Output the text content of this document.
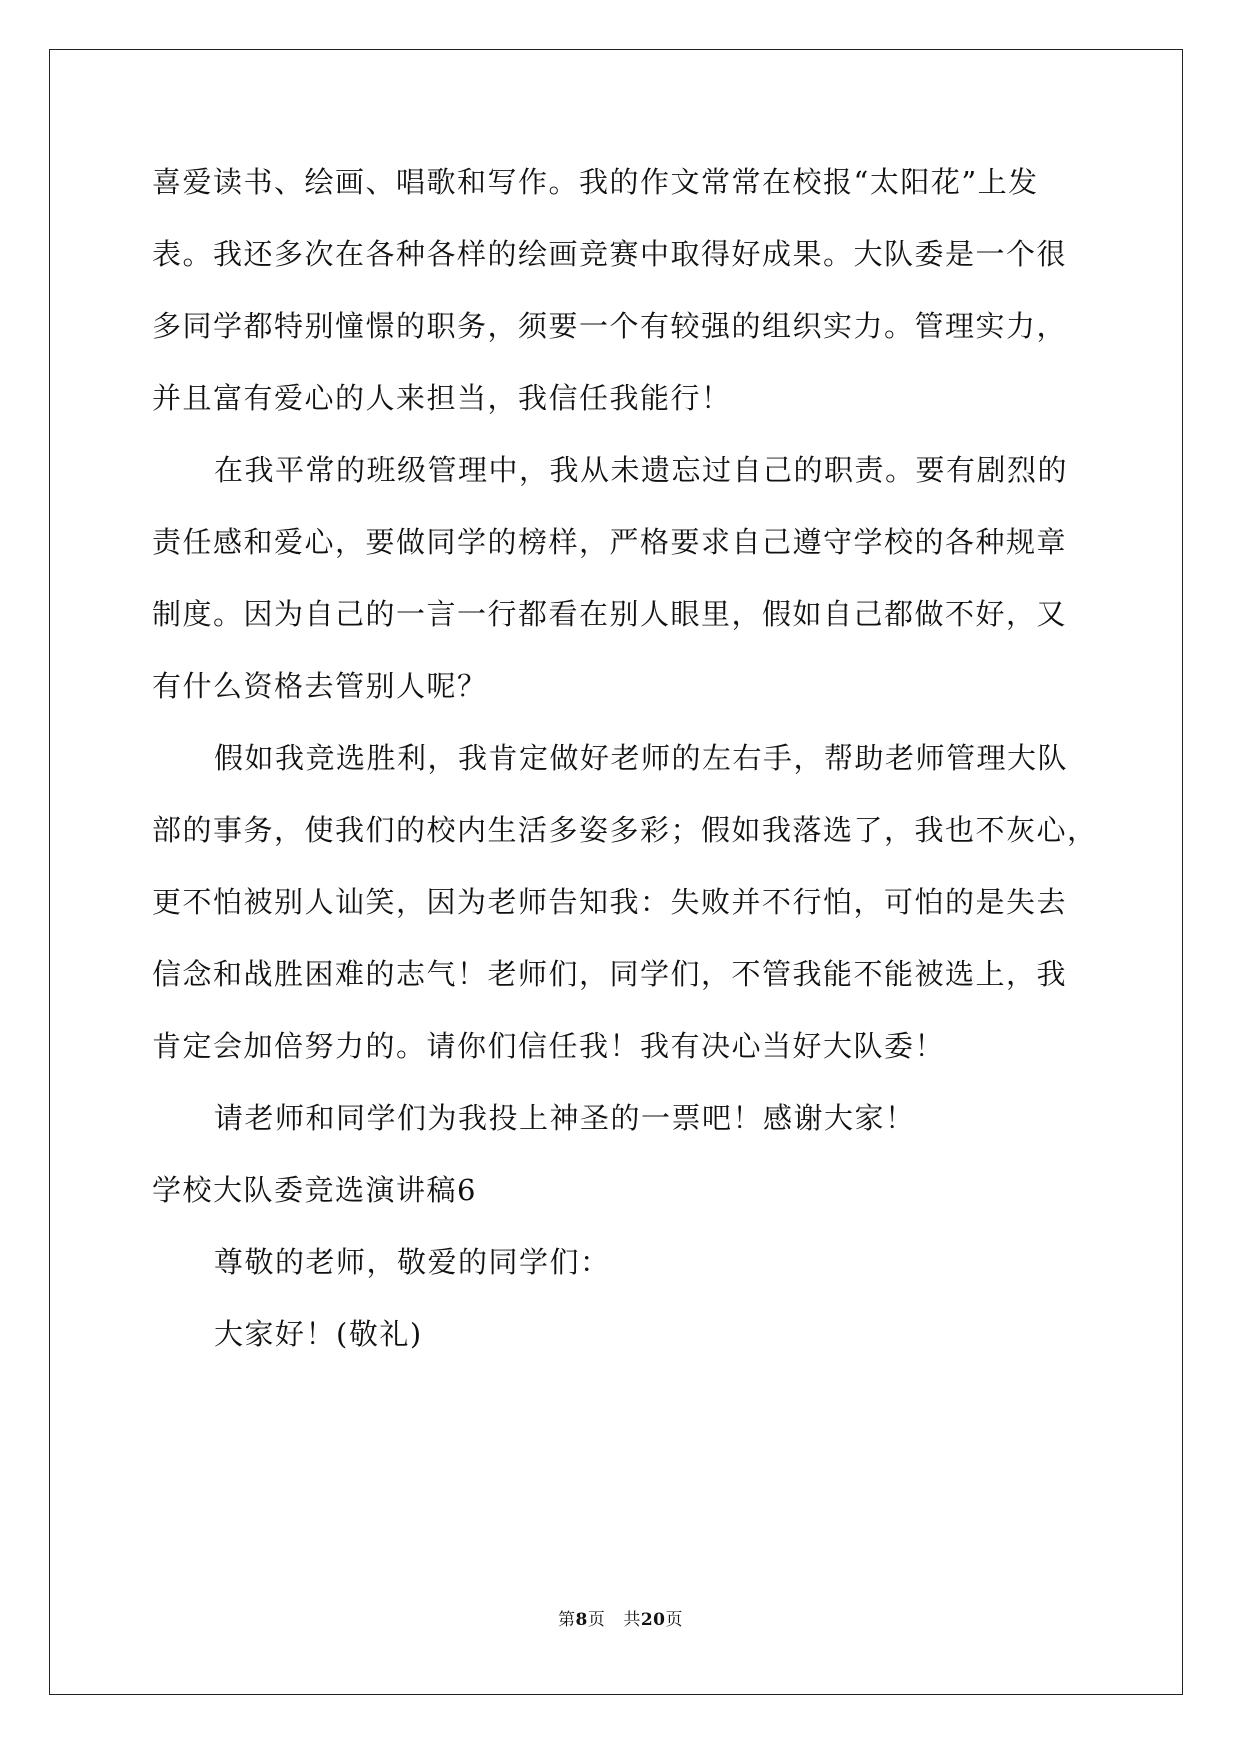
喜爱读书、绘画、唱歌和写作。我的作文常常在校报“太阳花”上发
表。我还多次在各种各样的绘画竞赛中取得好成果。大队委是一个很
多同学都特别憧憬的职务，须要一个有较强的组织实力。管理实力，
并且富有爱心的人来担当，我信任我能行！
在我平常的班级管理中，我从未遗忘过自己的职责。要有剧烈的
责任感和爱心，要做同学的榜样，严格要求自己遵守学校的各种规章
制度。因为自己的一言一行都看在别人眼里，假如自己都做不好，又
有什么资格去管别人呢？
假如我竞选胜利，我肯定做好老师的左右手，帮助老师管理大队
部的事务，使我们的校内生活多姿多彩；假如我落选了，我也不灰心，
更不怕被别人讪笑，因为老师告知我：失败并不行怕，可怕的是失去
信念和战胜困难的志气！老师们，同学们，不管我能不能被选上，我
肯定会加倍努力的。请你们信任我！我有决心当好大队委！
请老师和同学们为我投上神圣的一票吧！感谢大家！
学校大队委竞选演讲稿6
尊敬的老师，敬爱的同学们：
大家好！(敬礼)
第8页 共20页
